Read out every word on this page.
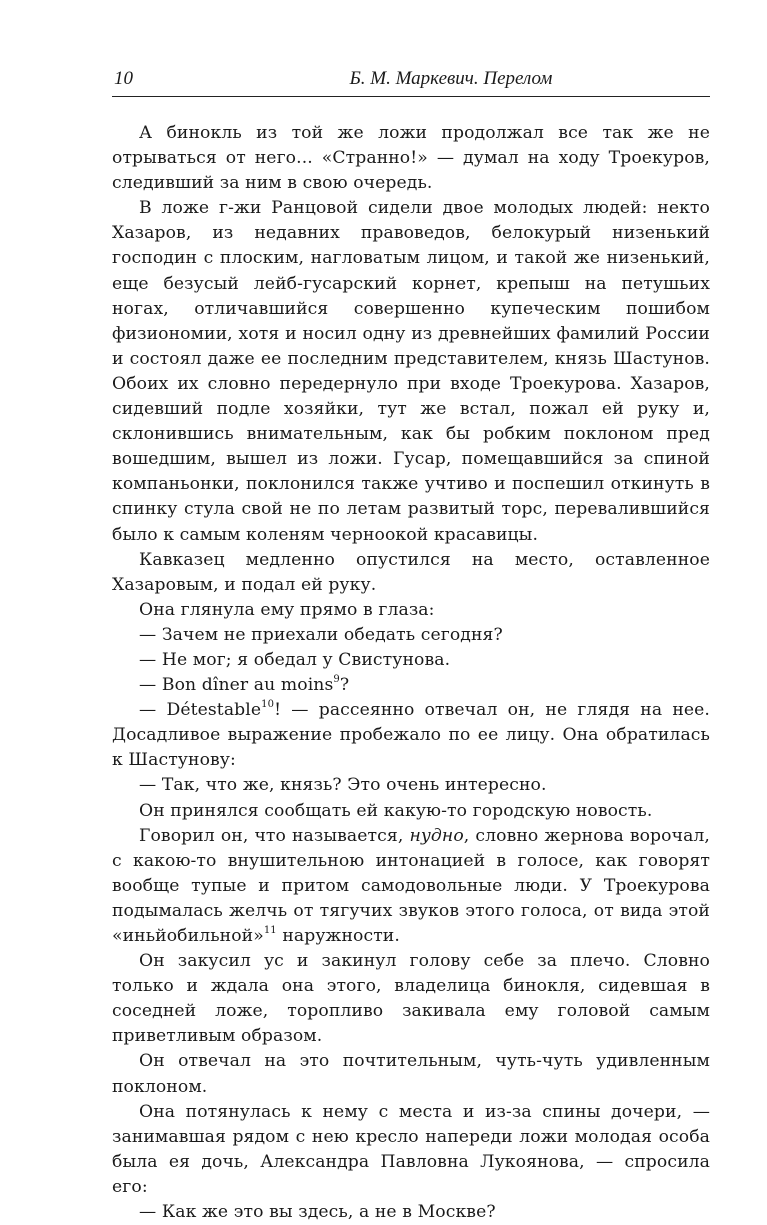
10	Б. М. Маркевич. Перелом

А бинокль из той же ложи продолжал все так же не отрываться от него... «Странно!» — думал на ходу Троекуров, следивший за ним в свою очередь.

В ложе г-жи Ранцовой сидели двое молодых людей: некто Хазаров, из недавних правоведов, белокурый низенький господин с плоским, нагловатым лицом, и такой же низенький, еще безусый лейб-гусарский корнет, крепыш на петушьих ногах, отличавшийся совершенно купеческим пошибом физиономии, хотя и носил одну из древнейших фамилий России и состоял даже ее последним представителем, князь Шастунов. Обоих их словно передернуло при входе Троекурова. Хазаров, сидевший подле хозяйки, тут же встал, пожал ей руку и, склонившись внимательным, как бы робким поклоном пред вошедшим, вышел из ложи. Гусар, помещавшийся за спиной компаньонки, поклонился также учтиво и поспешил откинуть в спинку стула свой не по летам развитый торс, перевалившийся было к самым коленям черноокой красавицы.

Кавказец медленно опустился на место, оставленное Хазаровым, и подал ей руку.

Она глянула ему прямо в глаза:

— Зачем не приехали обедать сегодня?

— Не мог; я обедал у Свистунова.

— Bon dîner au moins$^9$?

— Détestable$^{10}$! — рассеянно отвечал он, не глядя на нее. Досадливое выражение пробежало по ее лицу. Она обратилась к Шастунову:

— Так, что же, князь? Это очень интересно.

Он принялся сообщать ей какую-то городскую новость.

Говорил он, что называется, нудно, словно жернова ворочал, с какою-то внушительною интонацией в голосе, как говорят вообще тупые и притом самодовольные люди. У Троекурова подымалась желчь от тягучих звуков этого голоса, от вида этой «иньйобильной»$^{11}$ наружности.

Он закусил ус и закинул голову себе за плечо. Словно только и ждала она этого, владелица бинокля, сидевшая в соседней ложе, торопливо закивала ему головой самым приветливым образом.

Он отвечал на это почтительным, чуть-чуть удивленным поклоном.

Она потянулась к нему с места и из-за спины дочери, — занимавшая рядом с нею кресло напереди ложи молодая особа была ея дочь, Александра Павловна Лукоянова, — спросила его:

— Как же это вы здесь, а не в Москве?
